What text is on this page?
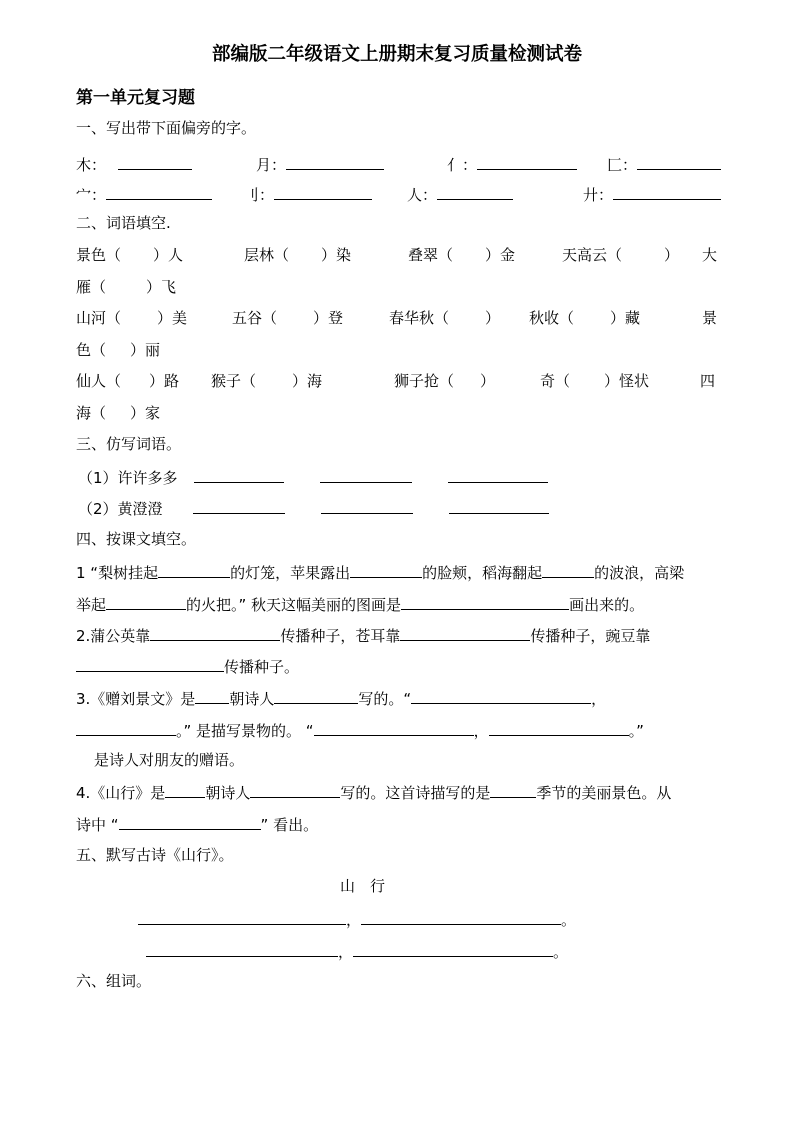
部编版二年级语文上册期末复习质量检测试卷
第一单元复习题
一、写出带下面偏旁的字。
木：	月：	亻：	匚：
宀：	刂：	人：	廾：
二、词语填空.
景色（ ）人	层林（ ）染	叠翠（ ）金	天高云（	） 大
雁（	）飞
山河（ ）美	五谷（ ）登	春华秋（ ） 秋收（ ）藏	景
色（ ）丽
仙人（ ）路 猴子（ ）海	狮子抢（ ）	奇（ ）怪状	四
海（ ）家
三、仿写词语。
（1）许许多多
（2）黄澄澄
四、按课文填空。
1 “梨树挂起	的灯笼，苹果露出	的脸颊，稻海翻起	的波浪，高梁
举起	的火把。” 秋天这幅美丽的图画是	画出来的。
2.蒲公英靠	传播种子，苍耳靠	传播种子，豌豆靠
传播种子。
3.《赠刘景文》是 朝诗人	写的。“	，
。” 是描写景物的。 “	，	。”
是诗人对朋友的赠语。
4.《山行》是	朝诗人	写的。这首诗描写的是	季节的美丽景色。从
诗中 “	” 看出。
五、默写古诗《山行》。
山　行
，	。
，	。
六、组词。
